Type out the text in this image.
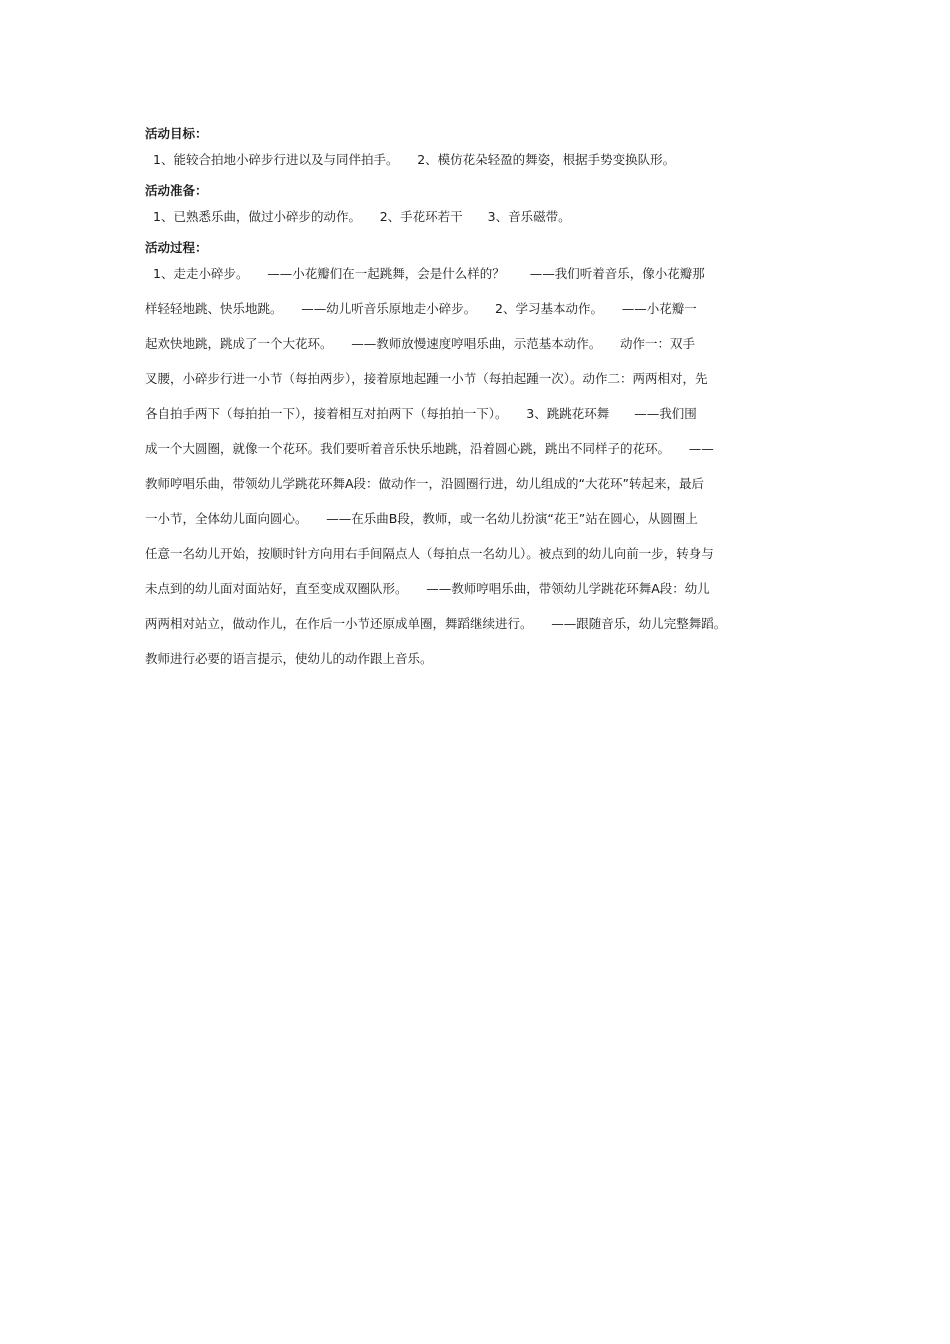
活动目标：

1、能较合拍地小碎步行进以及与同伴拍手。　　2、模仿花朵轻盈的舞姿，根据手势变换队形。

活动准备：

1、已熟悉乐曲，做过小碎步的动作。　　2、手花环若干　　3、音乐磁带。

活动过程：

1、走走小碎步。　　——小花瓣们在一起跳舞，会是什么样的？　　——我们听着音乐，像小花瓣那

样轻轻地跳、快乐地跳。　　——幼儿听音乐原地走小碎步。　　2、学习基本动作。　　——小花瓣一

起欢快地跳，跳成了一个大花环。　　——教师放慢速度哼唱乐曲，示范基本动作。　　动作一：双手

叉腰，小碎步行进一小节（每拍两步），接着原地起踵一小节（每拍起踵一次）。动作二：两两相对，先

各自拍手两下（每拍拍一下），接着相互对拍两下（每拍拍一下）。　　3、跳跳花环舞　　——我们围

成一个大圆圈，就像一个花环。我们要听着音乐快乐地跳，沿着圆心跳，跳出不同样子的花环。　　——

教师哼唱乐曲，带领幼儿学跳花环舞A段：做动作一，沿圆圈行进，幼儿组成的“大花环”转起来，最后

一小节，全体幼儿面向圆心。　　——在乐曲B段，教师，或一名幼儿扮演“花王”站在圆心，从圆圈上

任意一名幼儿开始，按顺时针方向用右手间隔点人（每拍点一名幼儿）。被点到的幼儿向前一步，转身与

未点到的幼儿面对面站好，直至变成双圈队形。　　——教师哼唱乐曲，带领幼儿学跳花环舞A段：幼儿

两两相对站立，做动作儿，在作后一小节还原成单圈，舞蹈继续进行。　　——跟随音乐，幼儿完整舞蹈。

教师进行必要的语言提示，使幼儿的动作跟上音乐。
